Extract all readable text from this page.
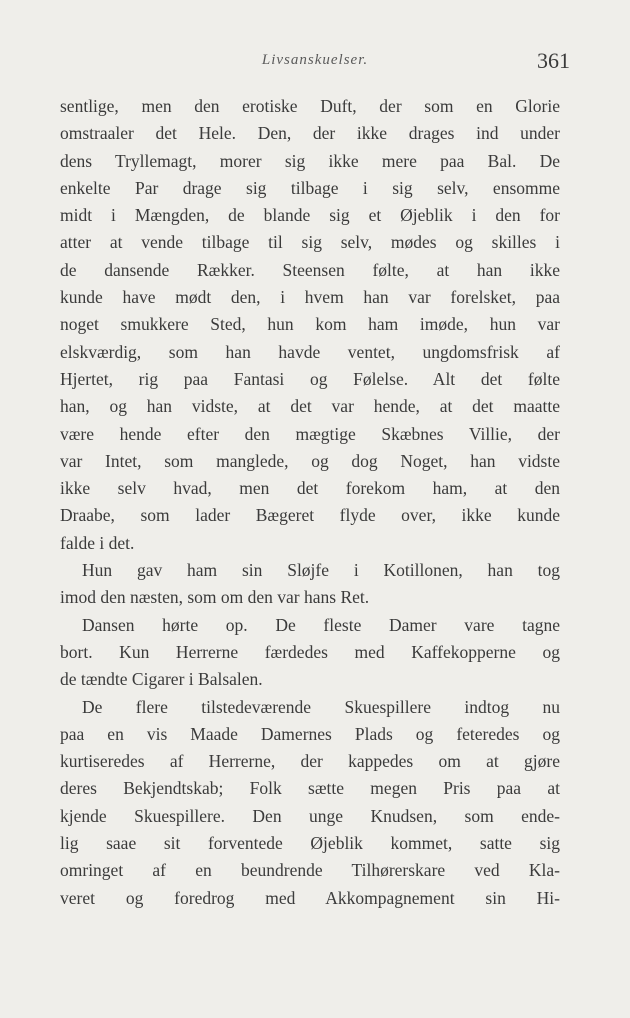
Livsanskuelser.	361
sentlige, men den erotiske Duft, der som en Glorie
omstraaler det Hele. Den, der ikke drages ind under
dens Tryllemagt, morer sig ikke mere paa Bal. De
enkelte Par drage sig tilbage i sig selv, ensomme
midt i Mængden, de blande sig et Øjeblik i den for
atter at vende tilbage til sig selv, mødes og skilles i
de dansende Rækker. Steensen følte, at han ikke
kunde have mødt den, i hvem han var forelsket, paa
noget smukkere Sted, hun kom ham imøde, hun var
elskværdig, som han havde ventet, ungdomsfrisk af
Hjertet, rig paa Fantasi og Følelse. Alt det følte
han, og han vidste, at det var hende, at det maatte
være hende efter den mægtige Skæbnes Villie, der
var Intet, som manglede, og dog Noget, han vidste
ikke selv hvad, men det forekom ham, at den
Draabe, som lader Bægeret flyde over, ikke kunde
falde i det.
Hun gav ham sin Sløjfe i Kotillonen, han tog
imod den næsten, som om den var hans Ret.
Dansen hørte op. De fleste Damer vare tagne
bort. Kun Herrerne færdedes med Kaffekopperne og
de tændte Cigarer i Balsalen.
De flere tilstedeværende Skuespillere indtog nu
paa en vis Maade Damernes Plads og feteredes og
kurtiseredes af Herrerne, der kappedes om at gjøre
deres Bekjendtskab; Folk sætte megen Pris paa at
kjende Skuespillere. Den unge Knudsen, som ende-
lig saae sit forventede Øjeblik kommet, satte sig
omringet af en beundrende Tilhørerskare ved Kla-
veret og foredrog med Akkompagnement sin Hi-
